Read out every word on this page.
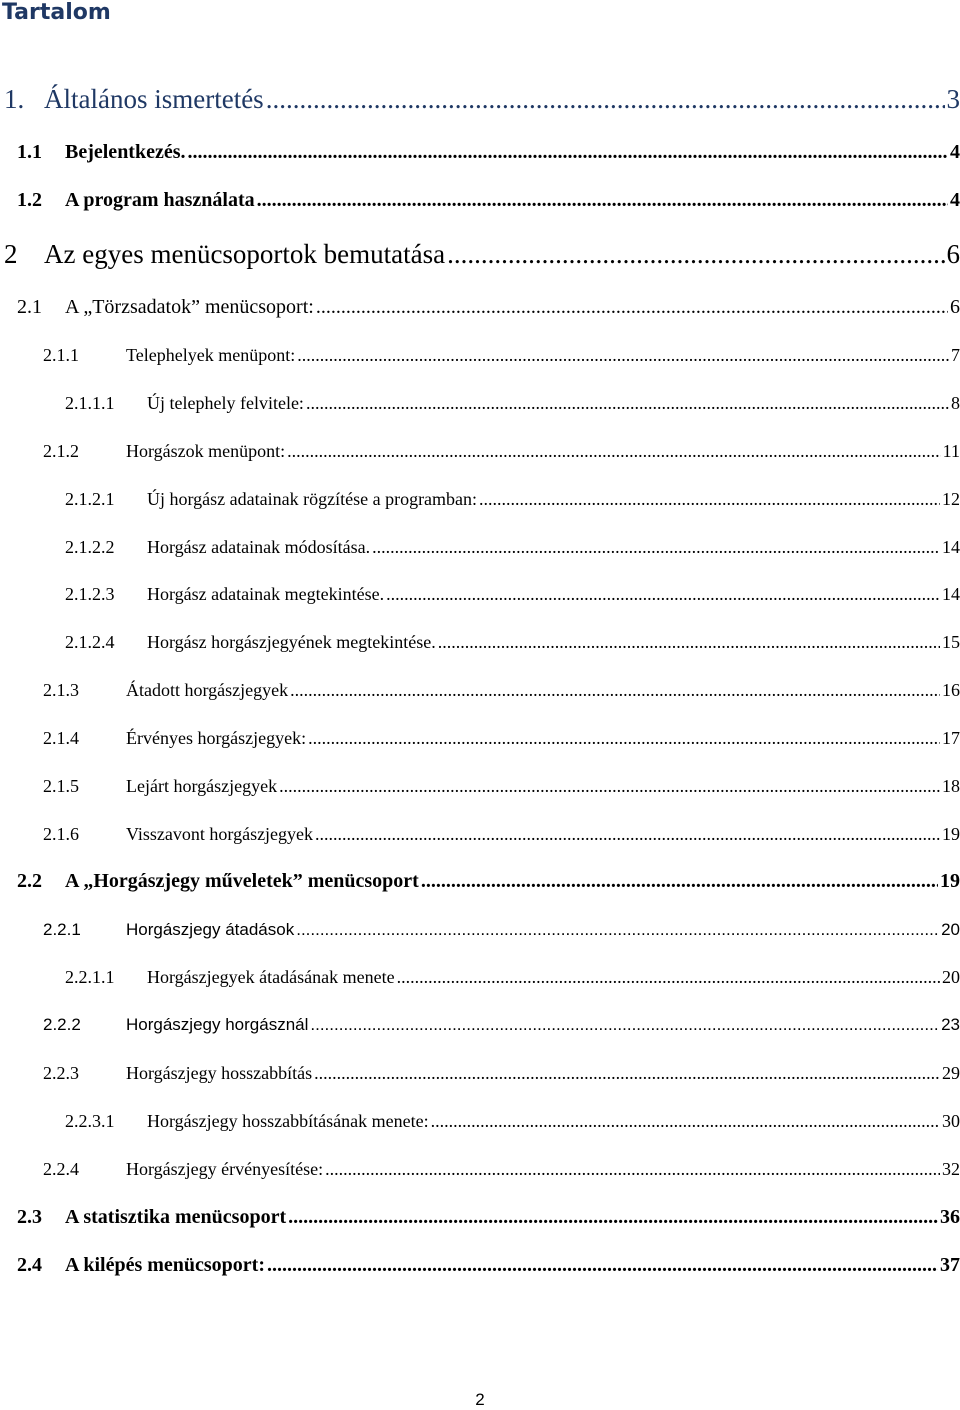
Tartalom
1. Általános ismertetés .....	3
1.1	Bejelentkezés. .....	4
1.2	A program használata .....	4
2 Az egyes menücsoportok bemutatása .....	6
2.1	A „Törzsadatok” menücsoport: .....	6
2.1.1	Telephelyek menüpont: .....	7
2.1.1.1	Új telephely felvitele: .....	8
2.1.2	Horgászok menüpont: .....	11
2.1.2.1	Új horgász adatainak rögzítése a programban: .....	12
2.1.2.2	Horgász adatainak módosítása. .....	14
2.1.2.3	Horgász adatainak megtekintése. .....	14
2.1.2.4	Horgász horgászjegyének megtekintése. .....	15
2.1.3	Átadott horgászjegyek .....	16
2.1.4	Érvényes horgászjegyek: .....	17
2.1.5	Lejárt horgászjegyek .....	18
2.1.6	Visszavont horgászjegyek .....	19
2.2	A „Horgászjegy műveletek” menücsoport .....	19
2.2.1	Horgászjegy átadások .....	20
2.2.1.1	Horgászjegyek átadásának menete .....	20
2.2.2	Horgászjegy horgásznál .....	23
2.2.3	Horgászjegy hosszabbítás .....	29
2.2.3.1	Horgászjegy hosszabbításának menete: .....	30
2.2.4	Horgászjegy érvényesítése: .....	32
2.3	A statisztika menücsoport .....	36
2.4	A kilépés menücsoport: .....	37
2
